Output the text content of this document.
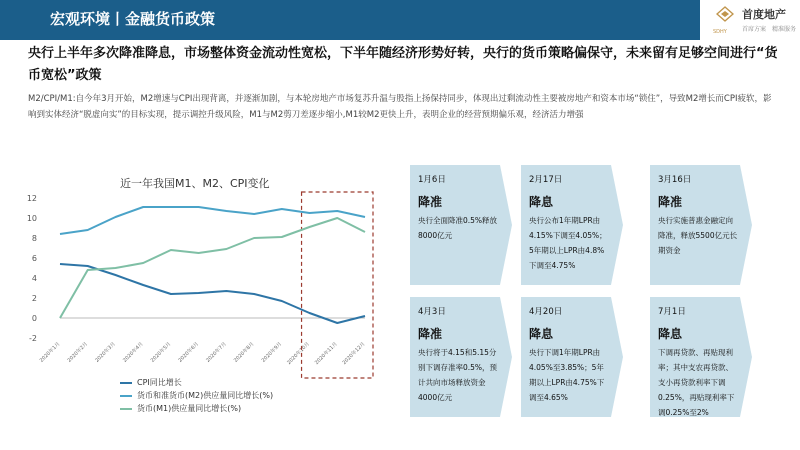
宏观环境丨金融货币政策	首度地产
首席方案　精准服务
SDHY
央行上半年多次降准降息，市场整体资金流动性宽松，下半年随经济形势好转，央行的货币策略偏保守，未来留有足够空间进行“货币宽松”政策
M2/CPI/M1:自今年3月开始，M2增速与CPI出现背离，并逐渐加剧，与本轮房地产市场复苏升温与股指上扬保持同步，体现出过剩流动性主要被房地产和资本市场“锁住”，导致M2增长而CPI疲软，影响到实体经济“脱虚向实”的目标实现，提示调控升级风险，M1与M2剪刀差逐步缩小,M1较M2更快上升，表明企业的经营预期偏乐观，经济活力增强
近一年我国M1、M2、CPI变化
-2
0
2
4
6
8
10
12
2020年1月 2020年2月 2020年3月 2020年4月 2020年5月 2020年6月 2020年7月 2020年8月 2020年9月 2020年10月 2020年11月 2020年12月
CPI同比增长
货币和准货币(M2)供应量同比增长(%)
货币(M1)供应量同比增长(%)
1月6日
降准
央行全面降准0.5%释放8000亿元
2月17日
降息
央行公布1年期LPR由4.15%下调至4.05%；5年期以上LPR由4.8%下调至4.75%
3月16日
降准
央行实施普惠金融定向降准，释放5500亿元长期资金
4月3日
降准
央行将于4.15和5.15分别下调存准率0.5%，预计共向市场释放资金4000亿元
4月20日
降息
央行下调1年期LPR由4.05%至3.85%；5年期以上LPR由4.75%下调至4.65%
7月1日
降息
下调再贷款、再贴现利率；其中支农再贷款、支小再贷款利率下调0.25%，再贴现利率下调0.25%至2%
